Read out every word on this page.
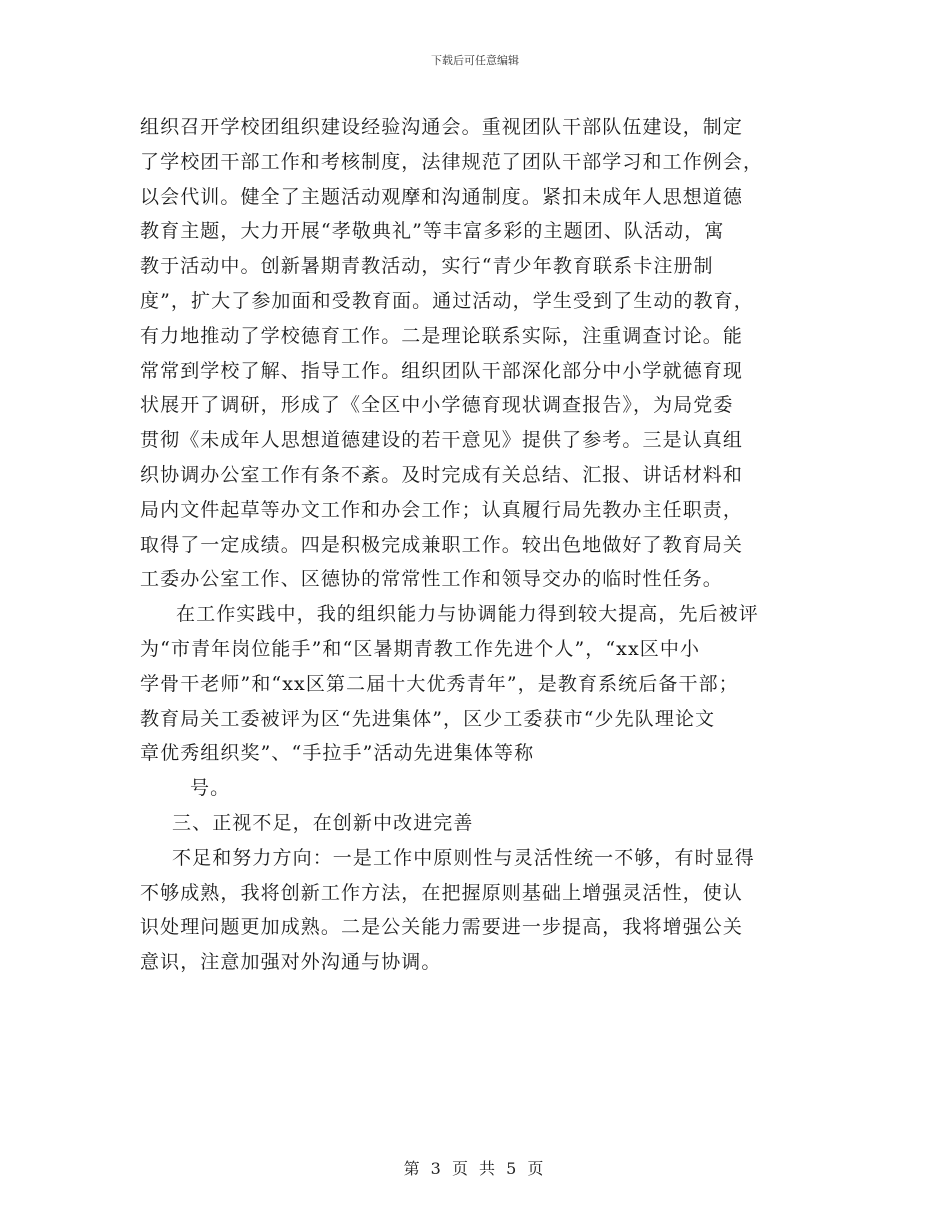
下载后可任意编辑
组织召开学校团组织建设经验沟通会。重视团队干部队伍建设，制定
了学校团干部工作和考核制度，法律规范了团队干部学习和工作例会，
以会代训。健全了主题活动观摩和沟通制度。紧扣未成年人思想道德
教育主题，大力开展“孝敬典礼”等丰富多彩的主题团、队活动，寓
教于活动中。创新暑期青教活动，实行“青少年教育联系卡注册制
度”，扩大了参加面和受教育面。通过活动，学生受到了生动的教育，
有力地推动了学校德育工作。二是理论联系实际，注重调查讨论。能
常常到学校了解、指导工作。组织团队干部深化部分中小学就德育现
状展开了调研，形成了《全区中小学德育现状调查报告》，为局党委
贯彻《未成年人思想道德建设的若干意见》提供了参考。三是认真组
织协调办公室工作有条不紊。及时完成有关总结、汇报、讲话材料和
局内文件起草等办文工作和办会工作；认真履行局先教办主任职责，
取得了一定成绩。四是积极完成兼职工作。较出色地做好了教育局关
工委办公室工作、区德协的常常性工作和领导交办的临时性任务。
在工作实践中，我的组织能力与协调能力得到较大提高，先后被评
为“市青年岗位能手”和“区暑期青教工作先进个人”，“xx区中小
学骨干老师”和“xx区第二届十大优秀青年”，是教育系统后备干部；
教育局关工委被评为区“先进集体”，区少工委获市“少先队理论文
章优秀组织奖”、“手拉手”活动先进集体等称
号。
三、正视不足，在创新中改进完善
不足和努力方向：一是工作中原则性与灵活性统一不够，有时显得
不够成熟，我将创新工作方法，在把握原则基础上增强灵活性，使认
识处理问题更加成熟。二是公关能力需要进一步提高，我将增强公关
意识，注意加强对外沟通与协调。
第 3 页 共 5 页
